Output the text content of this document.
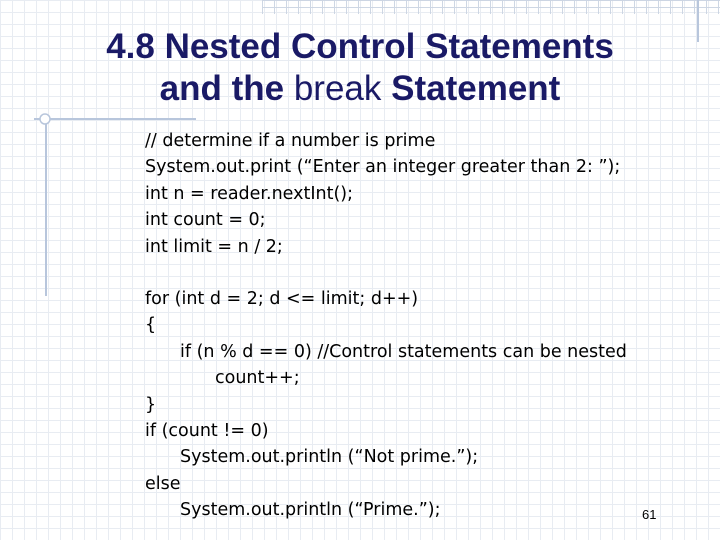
4.8 Nested Control Statements
and the break Statement
// determine if a number is prime
System.out.print (“Enter an integer greater than 2: ”);
int n = reader.nextInt();
int count = 0;
int limit = n / 2;
for (int d = 2; d <= limit; d++)
{
if (n % d == 0) //Control statements can be nested
count++;
}
if (count != 0)
System.out.println (“Not prime.”);
else
System.out.println (“Prime.”);	61
